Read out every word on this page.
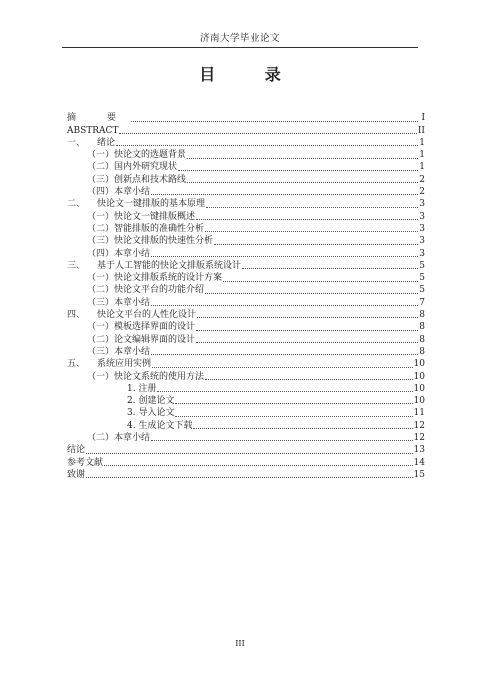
济南大学毕业论文
目 录
摘 要	I
ABSTRACT	II
一、	绪论	1
（一）快论文的选题背景	1
（二）国内外研究现状	1
（三）创新点和技术路线	2
（四）本章小结	2
二、	快论文一键排版的基本原理	3
（一）快论文一键排版概述	3
（二）智能排版的准确性分析	3
（三）快论文排版的快速性分析	3
（四）本章小结	3
三、	基于人工智能的快论文排版系统设计	5
（一）快论文排版系统的设计方案	5
（二）快论文平台的功能介绍	5
（三）本章小结	7
四、	快论文平台的人性化设计	8
（一）模板选择界面的设计	8
（二）论文编辑界面的设计	8
（三）本章小结	8
五、	系统应用实例	10
（一）快论文系统的使用方法	10
1. 注册	10
2. 创建论文	10
3. 导入论文	11
4. 生成论文下载	12
（二）本章小结	12
结论	13
参考文献	14
致谢	15
III
